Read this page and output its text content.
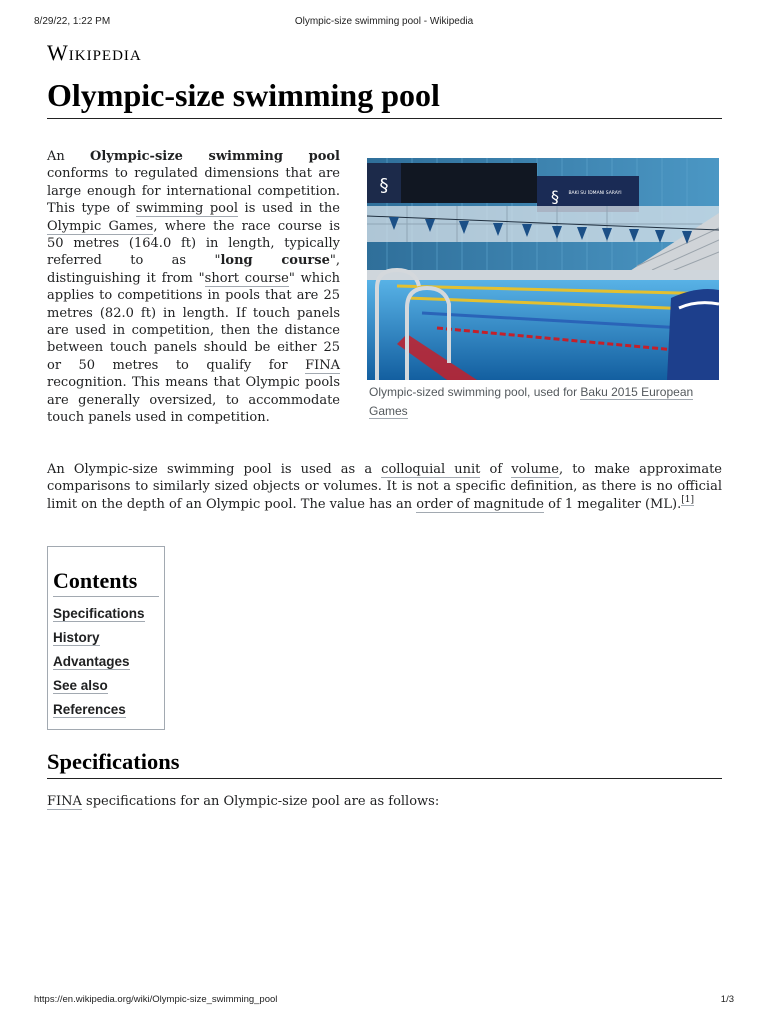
8/29/22, 1:22 PM	Olympic-size swimming pool - Wikipedia
Wikipedia
Olympic-size swimming pool
An Olympic-size swimming pool conforms to regulated dimensions that are large enough for international competition. This type of swimming pool is used in the Olympic Games, where the race course is 50 metres (164.0 ft) in length, typically referred to as "long course", distinguishing it from "short course" which applies to competitions in pools that are 25 metres (82.0 ft) in length. If touch panels are used in competition, then the distance between touch panels should be either 25 or 50 metres to qualify for FINA recognition. This means that Olympic pools are generally oversized, to accommodate touch panels used in competition.
§
§ BAKI SU İDMANI SARAYI
Olympic-sized swimming pool, used for Baku 2015 European Games
An Olympic-size swimming pool is used as a colloquial unit of volume, to make approximate comparisons to similarly sized objects or volumes. It is not a specific definition, as there is no official limit on the depth of an Olympic pool. The value has an order of magnitude of 1 megaliter (ML).[1]
Contents
Specifications
History
Advantages
See also
References
Specifications
FINA specifications for an Olympic-size pool are as follows:
https://en.wikipedia.org/wiki/Olympic-size_swimming_pool	1/3
